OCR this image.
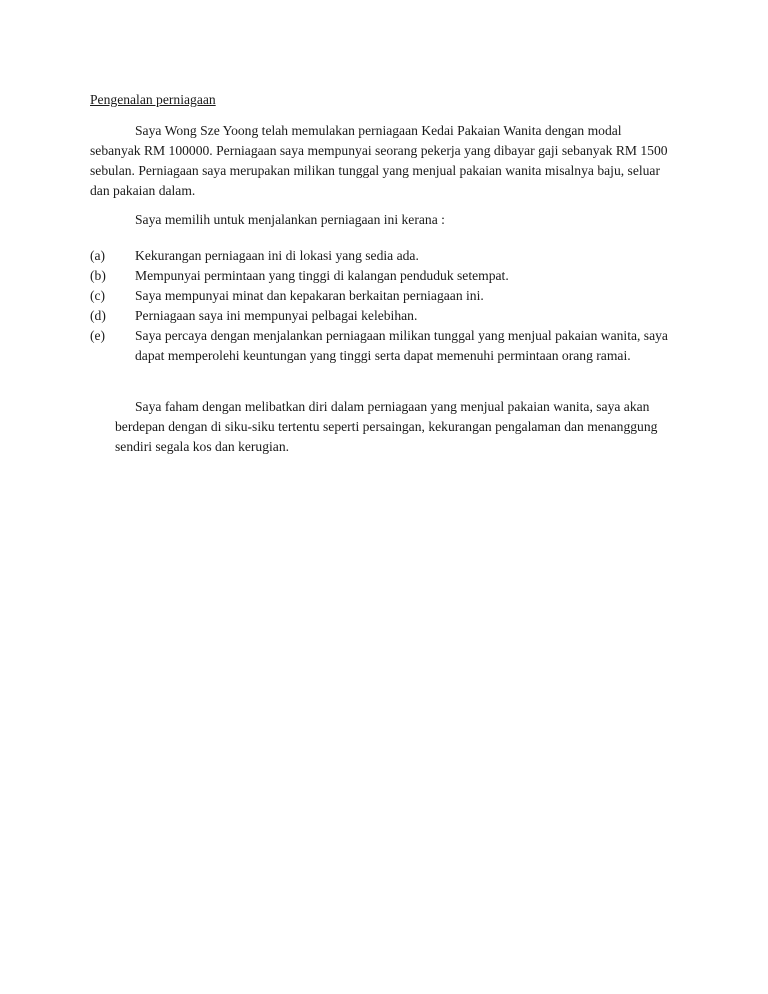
Pengenalan perniagaan

Saya Wong Sze Yoong telah memulakan perniagaan Kedai Pakaian Wanita dengan modal sebanyak RM 100000. Perniagaan saya mempunyai seorang pekerja yang dibayar gaji sebanyak RM 1500 sebulan. Perniagaan saya merupakan milikan tunggal yang menjual pakaian wanita misalnya baju, seluar dan pakaian dalam.

Saya memilih untuk menjalankan perniagaan ini kerana :

(a) Kekurangan perniagaan ini di lokasi yang sedia ada.
(b) Mempunyai permintaan yang tinggi di kalangan penduduk setempat.
(c) Saya mempunyai minat dan kepakaran berkaitan perniagaan ini.
(d) Perniagaan saya ini mempunyai pelbagai kelebihan.
(e) Saya percaya dengan menjalankan perniagaan milikan tunggal yang menjual pakaian wanita, saya dapat memperolehi keuntungan yang tinggi serta dapat memenuhi permintaan orang ramai.

Saya faham dengan melibatkan diri dalam perniagaan yang menjual pakaian wanita, saya akan berdepan dengan di siku-siku tertentu seperti persaingan, kekurangan pengalaman dan menanggung sendiri segala kos dan kerugian.
